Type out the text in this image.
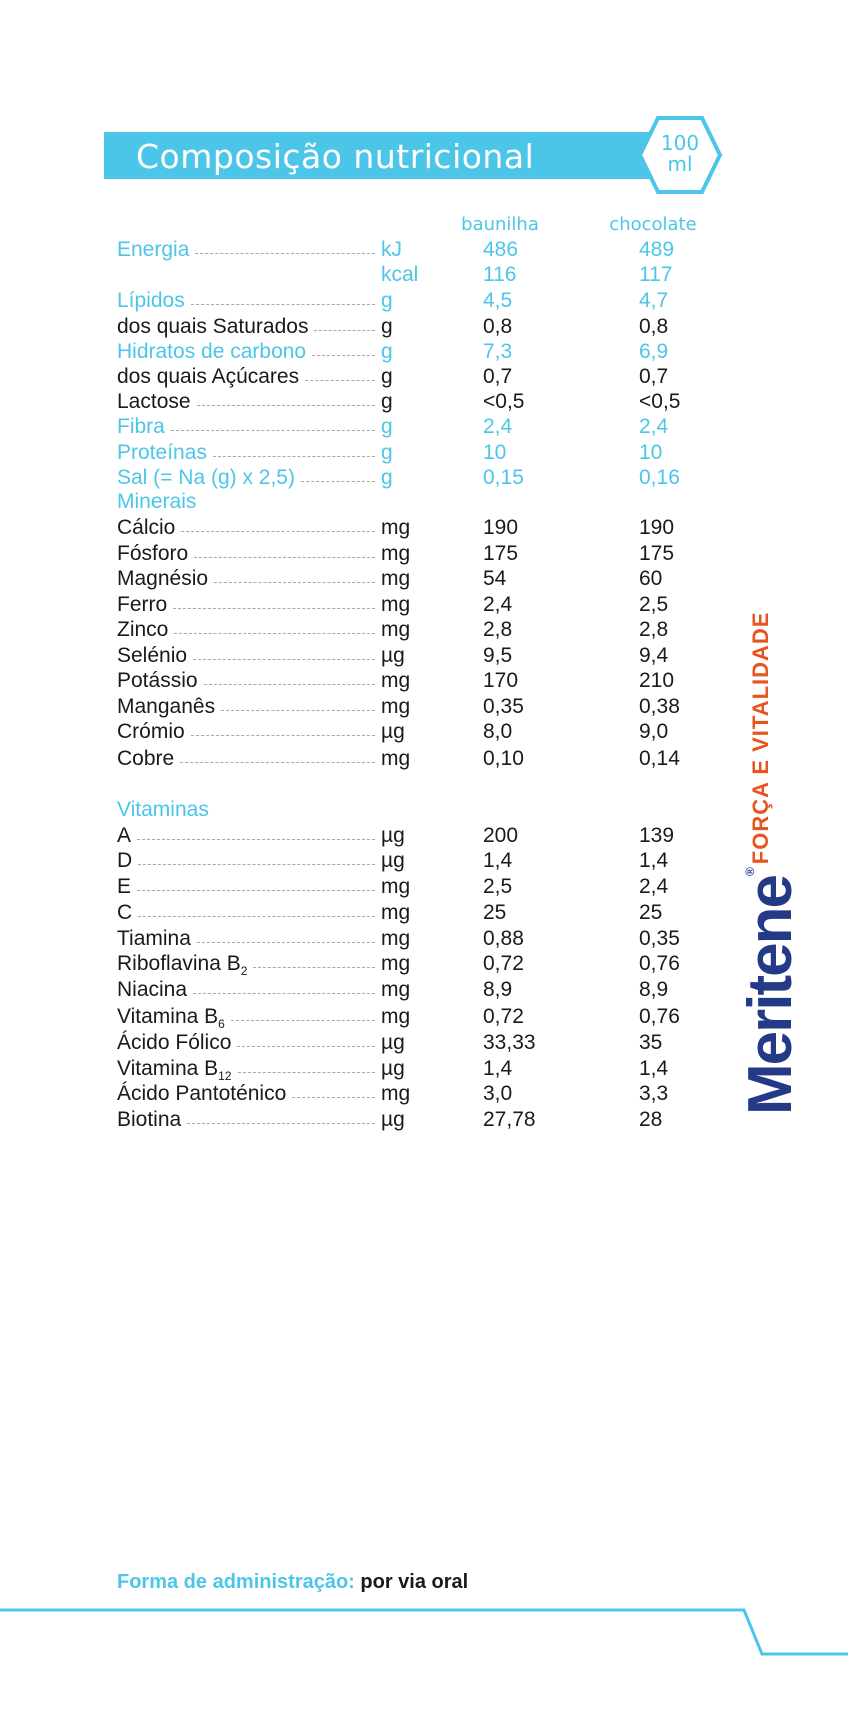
Composição nutricional	100
ml
baunilha	chocolate
Energia	kJ	486	489
kcal	116	117
Lípidos	g	4,5	4,7
dos quais Saturados	g	0,8	0,8
Hidratos de carbono	g	7,3	6,9
dos quais Açúcares	g	0,7	0,7
Lactose	g	<0,5	<0,5
Fibra	g	2,4	2,4
Proteínas	g	10	10
Sal (= Na (g) x 2,5)	g	0,15	0,16
Minerais
Cálcio	mg	190	190
Fósforo	mg	175	175
Magnésio	mg	54	60
Ferro	mg	2,4	2,5
Zinco	mg	2,8	2,8
Selénio	µg	9,5	9,4
Potássio	mg	170	210
Manganês	mg	0,35	0,38
Crómio	µg	8,0	9,0
Cobre	mg	0,10	0,14
Vitaminas
A	µg	200	139
D	µg	1,4	1,4
E	mg	2,5	2,4
C	mg	25	25
Tiamina	mg	0,88	0,35
Riboflavina $B_2$	mg	0,72	0,76
Niacina	mg	8,9	8,9
Vitamina $B_6$	mg	0,72	0,76
Ácido Fólico	µg	33,33	35
Vitamina $B_{12}$	µg	1,4	1,4
Ácido Pantoténico	mg	3,0	3,3
Biotina	µg	27,78	28
Meritene®FORÇA E VITALIDADE
Forma de administração: por via oral
